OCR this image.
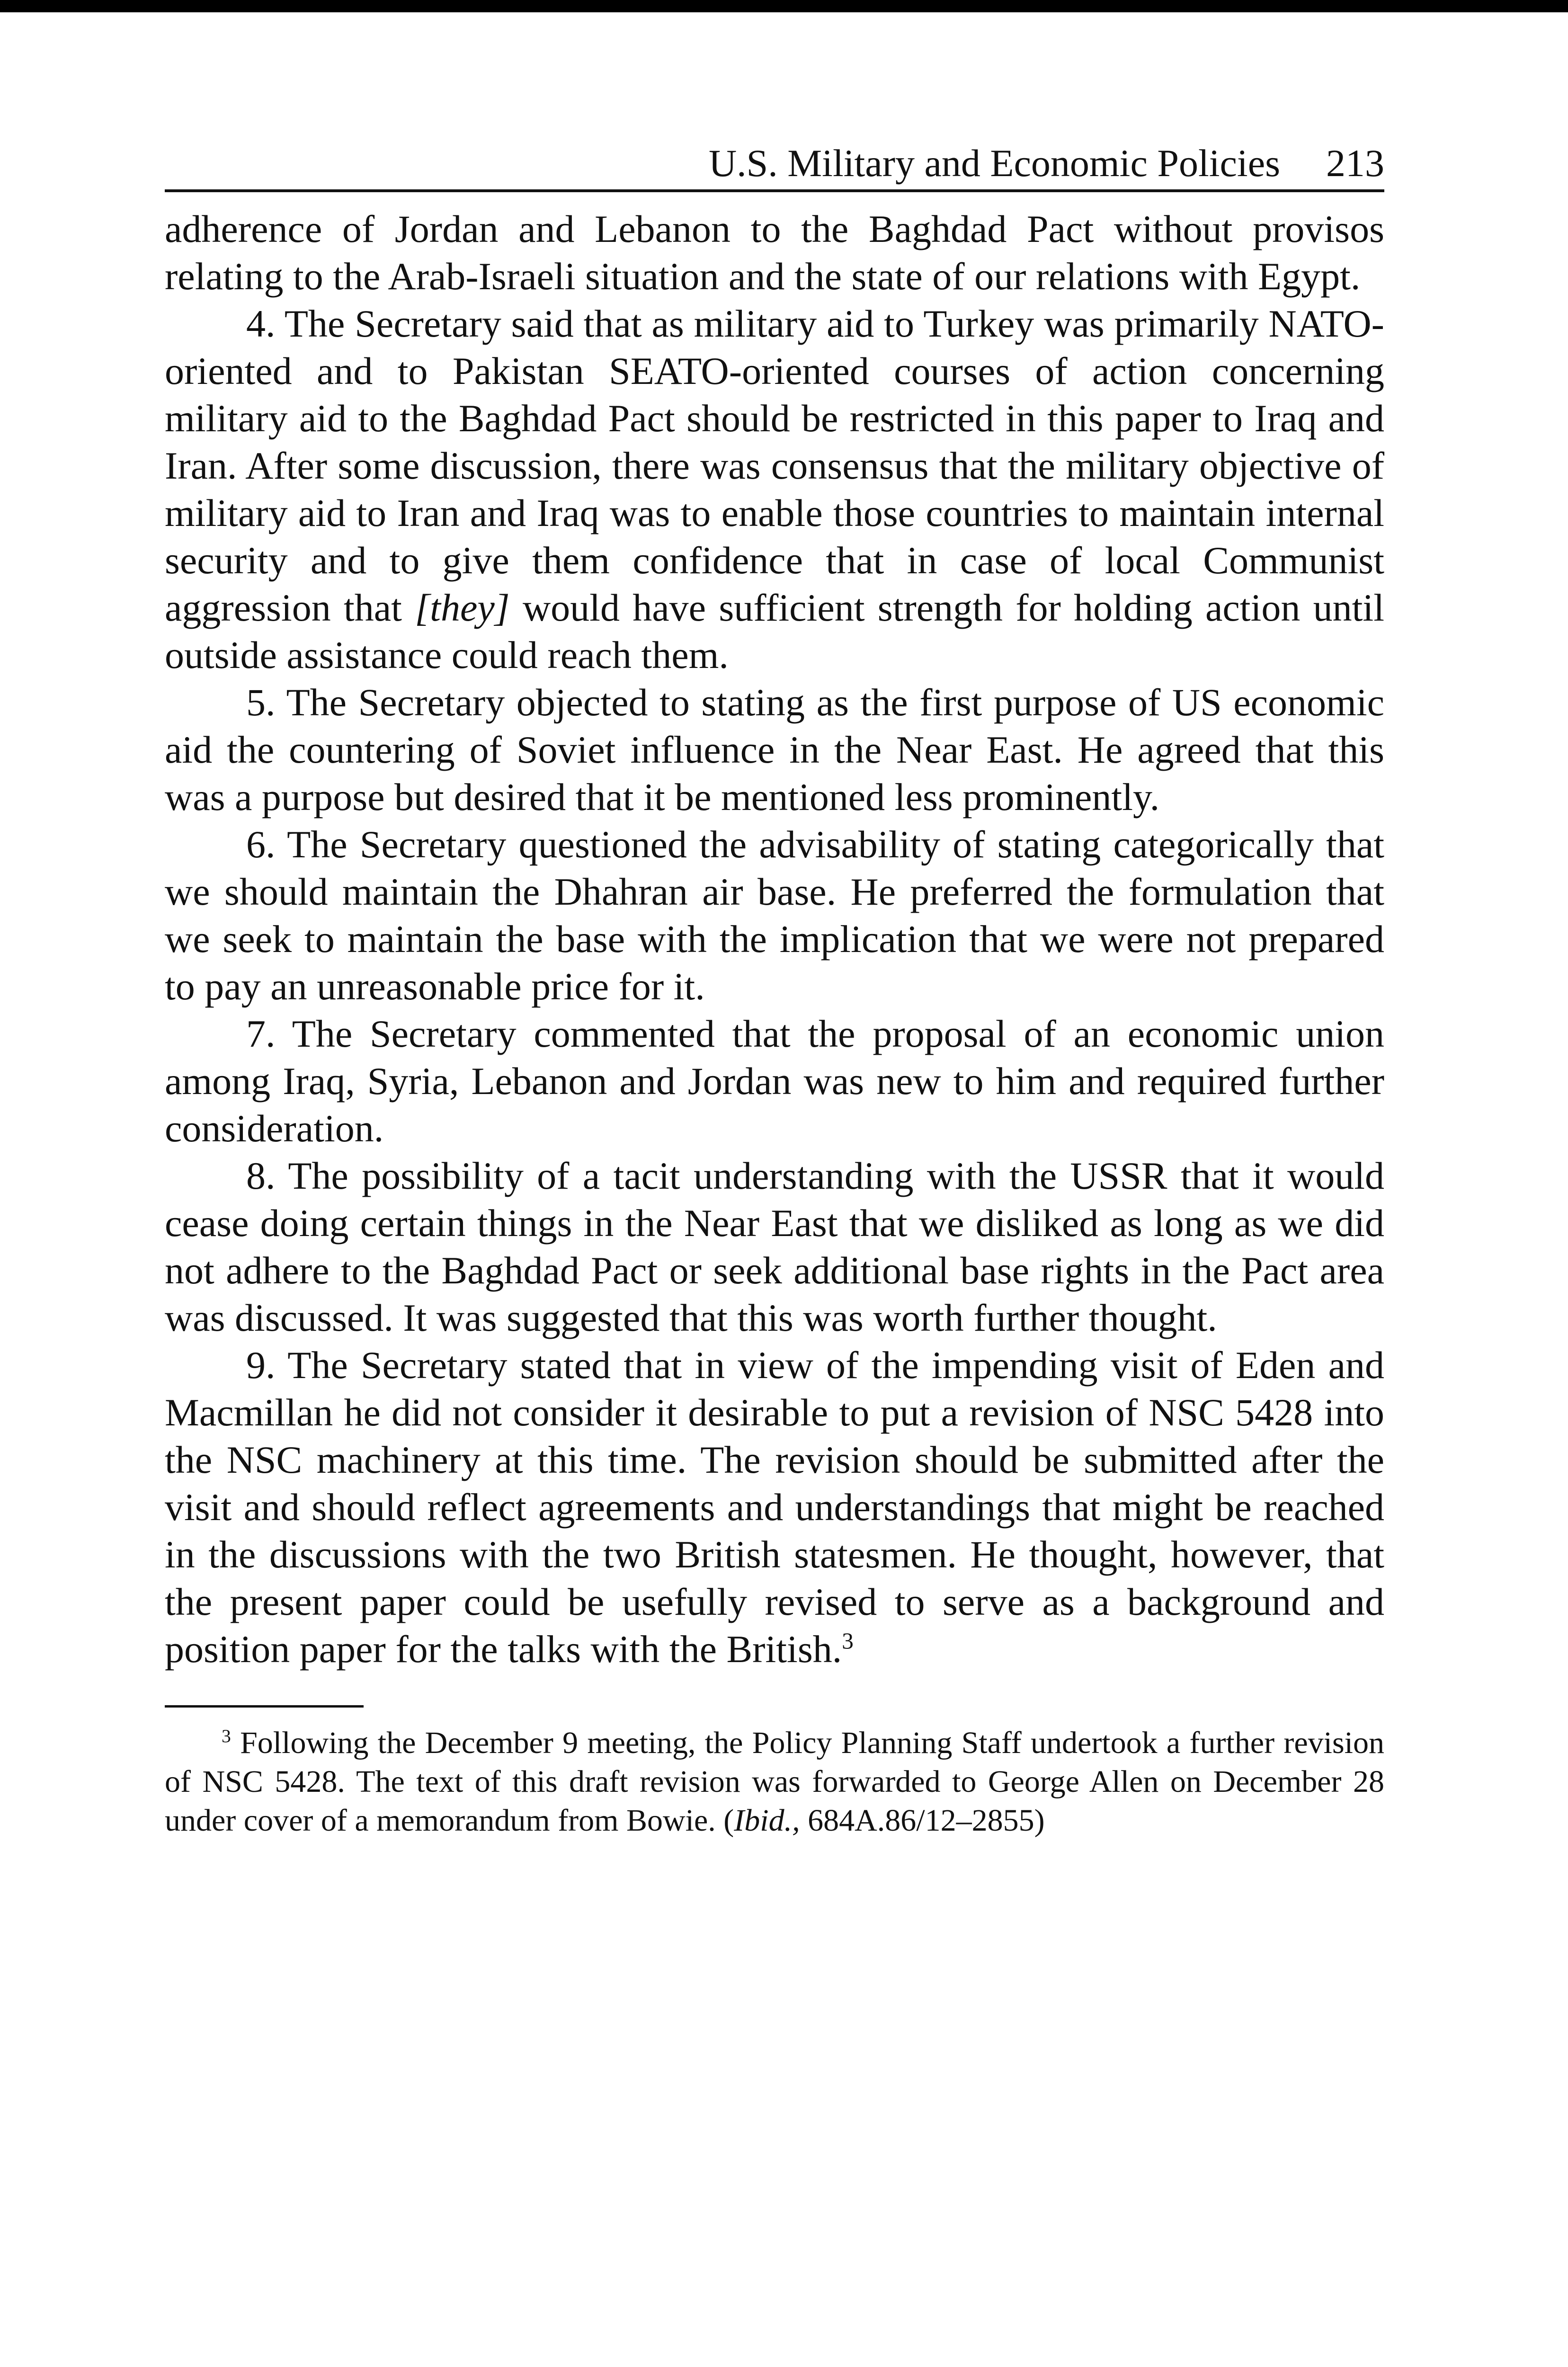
U.S. Military and Economic Policies 213

adherence of Jordan and Lebanon to the Baghdad Pact without provisos relating to the Arab-Israeli situation and the state of our relations with Egypt.

4. The Secretary said that as military aid to Turkey was primarily NATO-oriented and to Pakistan SEATO-oriented courses of action concerning military aid to the Baghdad Pact should be restricted in this paper to Iraq and Iran. After some discussion, there was consensus that the military objective of military aid to Iran and Iraq was to enable those countries to maintain internal security and to give them confidence that in case of local Communist aggression that [they] would have sufficient strength for holding action until outside assistance could reach them.

5. The Secretary objected to stating as the first purpose of US economic aid the countering of Soviet influence in the Near East. He agreed that this was a purpose but desired that it be mentioned less prominently.

6. The Secretary questioned the advisability of stating categorically that we should maintain the Dhahran air base. He preferred the formulation that we seek to maintain the base with the implication that we were not prepared to pay an unreasonable price for it.

7. The Secretary commented that the proposal of an economic union among Iraq, Syria, Lebanon and Jordan was new to him and required further consideration.

8. The possibility of a tacit understanding with the USSR that it would cease doing certain things in the Near East that we disliked as long as we did not adhere to the Baghdad Pact or seek additional base rights in the Pact area was discussed. It was suggested that this was worth further thought.

9. The Secretary stated that in view of the impending visit of Eden and Macmillan he did not consider it desirable to put a revision of NSC 5428 into the NSC machinery at this time. The revision should be submitted after the visit and should reflect agreements and understandings that might be reached in the discussions with the two British statesmen. He thought, however, that the present paper could be usefully revised to serve as a background and position paper for the talks with the British.$^3$

$^3$ Following the December 9 meeting, the Policy Planning Staff undertook a further revision of NSC 5428. The text of this draft revision was forwarded to George Allen on December 28 under cover of a memorandum from Bowie. (Ibid., 684A.86/12–2855)
